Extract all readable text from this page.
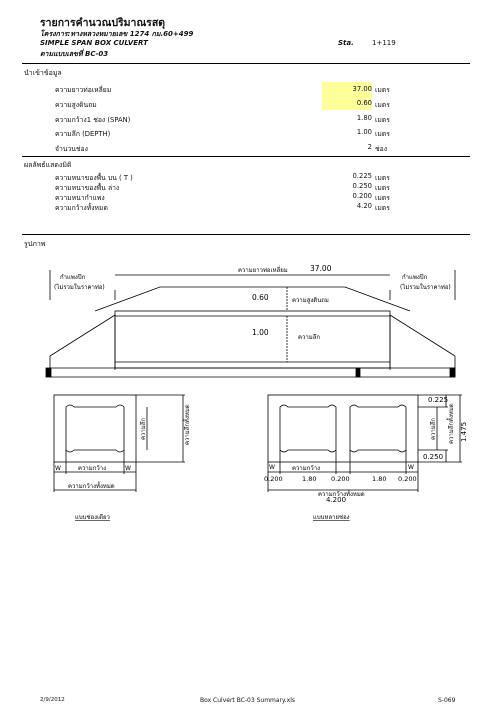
รายการคำนวณปริมาณรสดุ
โครงการ:ทางหลวงหมายเลข 1274 กม.60+499
SIMPLE SPAN BOX CULVERT	Sta.	1+119
ตามแบบเลขที่ BC-03
นำเข้าข้อมูล
ความยาวท่อเหลี่ยม	37.00 เมตร
ความสูงดินถม	0.60 เมตร
ความกว้าง1 ช่อง (SPAN)	1.80 เมตร
ความลึก (DEPTH)	1.00 เมตร
จำนวนช่อง	2 ช่อง
ผลลัพธ์แสดงมิติ
ความหนาของพื้น บน ( T )	0.225 เมตร
ความหนาของพื้น ล่าง	0.250 เมตร
ความหนากำแพง	0.200 เมตร
ความกว้างทั้งหมด	4.20 เมตร
รูปภาพ
ความยาวท่อเหลี่ยม	37.00
กำแพงปีก
(ไม่รวมในราคาท่อ)
กำแพงปีก
(ไม่รวมในราคาท่อ)
0.60	ความสูงดินถม
1.00
ความลึก
ความลึก	ความลึกทั้งหมด
W	W
ความกว้าง
ความกว้างทั้งหมด
แบบช่องเดียว
0.225
1.475
0.250
ความลึก	ความลึกทั้งหมด
W	W
ความกว้าง
0.200	1.80 0.200	1.80 0.200
ความกว้างทั้งหมด
4.200
แบบหลายช่อง
2/9/2012	Box Culvert BC-03 Summary.xls	S-069
